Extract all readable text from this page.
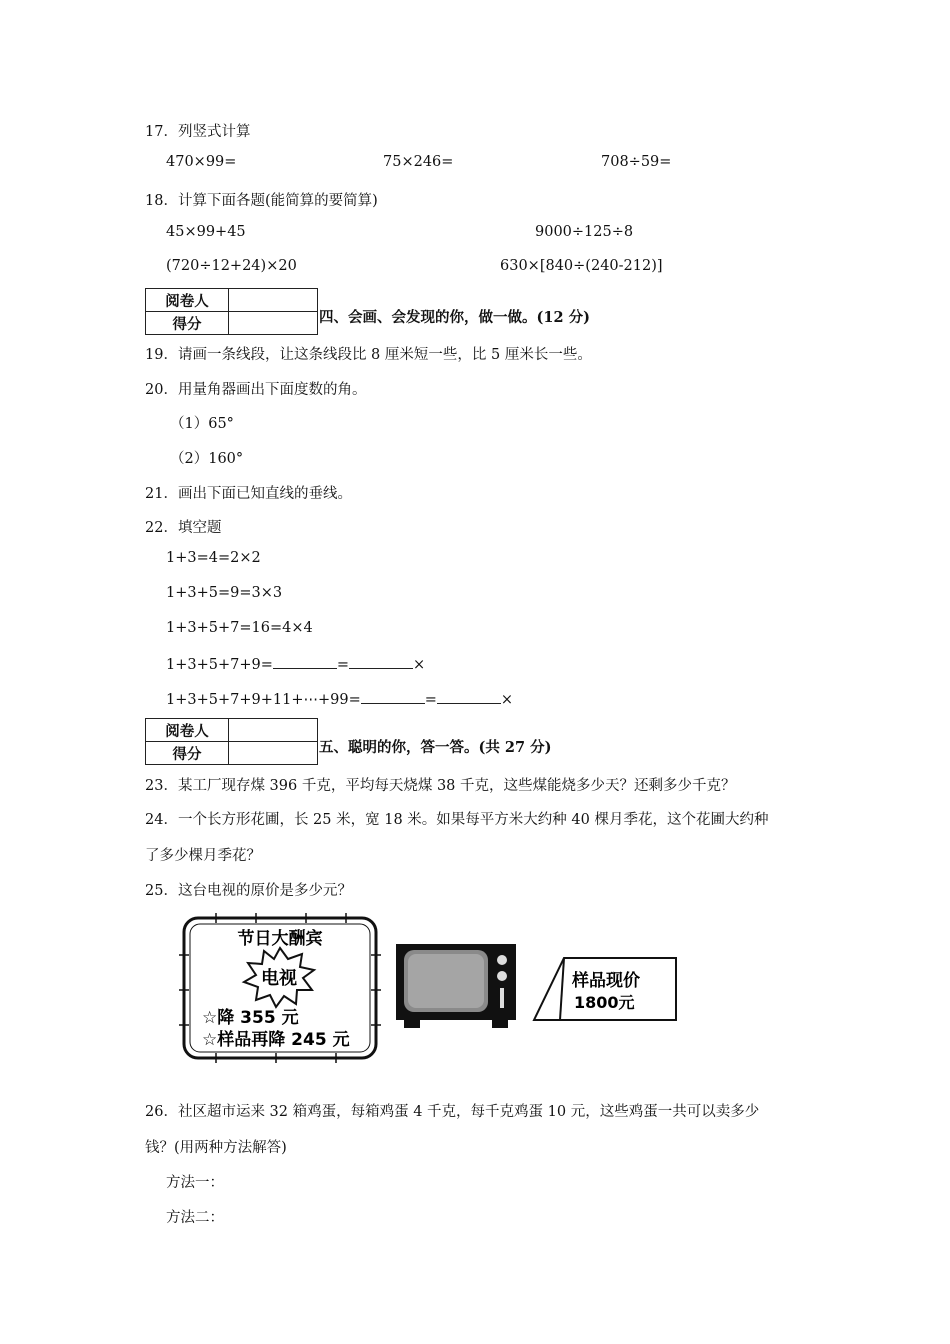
17．列竖式计算
470×99=	75×246=	708÷59=
18．计算下面各题(能简算的要简算)
45×99+45	9000÷125÷8
(720÷12+24)×20	630×[840÷(240-212)]
阅卷人	
得分		四、会画、会发现的你，做一做。(12 分)
19．请画一条线段，让这条线段比 8 厘米短一些，比 5 厘米长一些。
20．用量角器画出下面度数的角。
（1）65°
（2）160°
21．画出下面已知直线的垂线。
22．填空题
1+3=4=2×2
1+3+5=9=3×3
1+3+5+7=16=4×4
1+3+5+7+9=	=	×
1+3+5+7+9+11+⋯+99=	=	×
阅卷人	
得分		五、聪明的你，答一答。(共 27 分)
23．某工厂现存煤 396 千克，平均每天烧煤 38 千克，这些煤能烧多少天？还剩多少千克？
24．一个长方形花圃，长 25 米，宽 18 米。如果每平方米大约种 40 棵月季花，这个花圃大约种
了多少棵月季花？
25．这台电视的原价是多少元？
节日大酬宾
电视
☆降 355 元
☆样品再降 245 元
样品现价
1800元
26．社区超市运来 32 箱鸡蛋，每箱鸡蛋 4 千克，每千克鸡蛋 10 元，这些鸡蛋一共可以卖多少
钱？(用两种方法解答)
方法一：
方法二：
